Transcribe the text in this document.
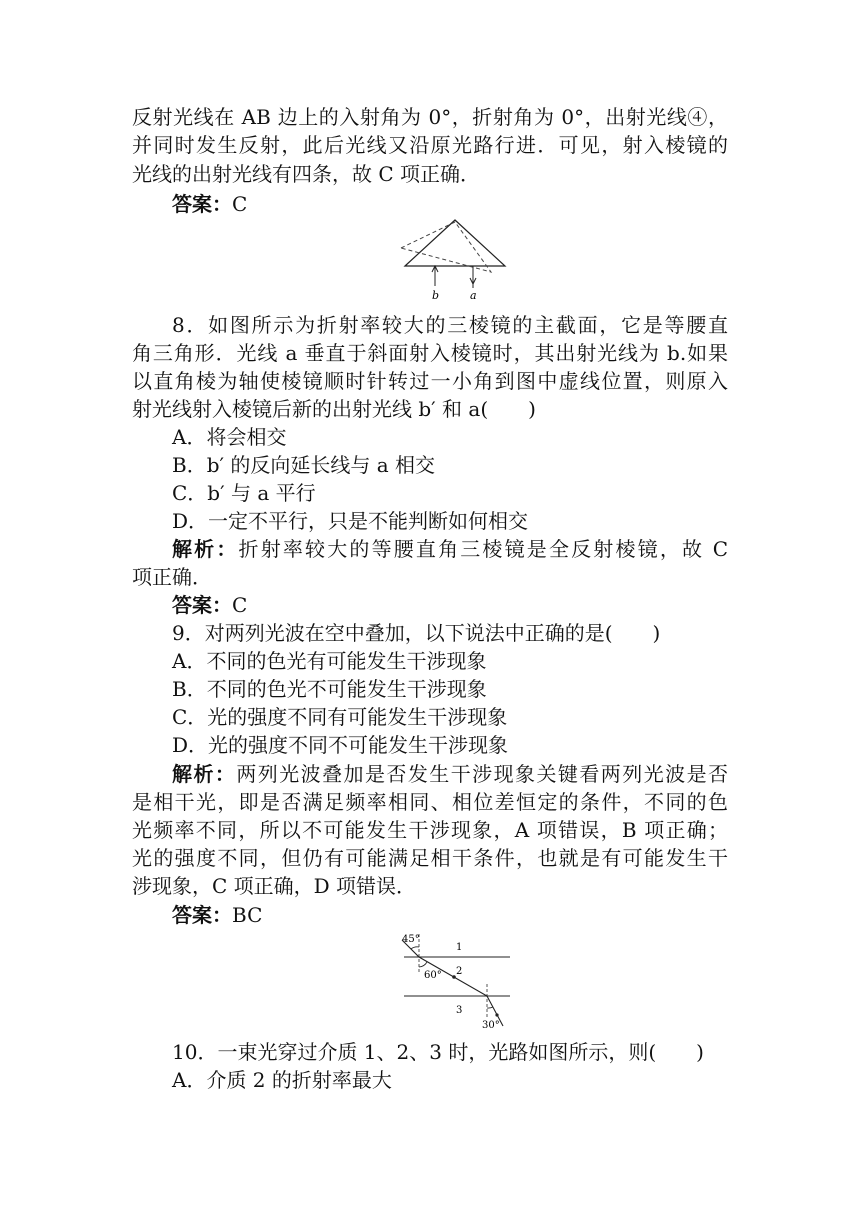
反射光线在 AB 边上的入射角为 0°，折射角为 0°，出射光线④，
并同时发生反射，此后光线又沿原光路行进．可见，射入棱镜的
光线的出射光线有四条，故 C 项正确．
答案：C
b	a
8．如图所示为折射率较大的三棱镜的主截面，它是等腰直
角三角形．光线 a 垂直于斜面射入棱镜时，其出射光线为 b.如果
以直角棱为轴使棱镜顺时针转过一小角到图中虚线位置，则原入
射光线射入棱镜后新的出射光线 b′ 和 a(　　)
A．将会相交
B．b′ 的反向延长线与 a 相交
C．b′ 与 a 平行
D．一定不平行，只是不能判断如何相交
解析：折射率较大的等腰直角三棱镜是全反射棱镜，故 C
项正确．
答案：C
9．对两列光波在空中叠加，以下说法中正确的是(　　)
A．不同的色光有可能发生干涉现象
B．不同的色光不可能发生干涉现象
C．光的强度不同有可能发生干涉现象
D．光的强度不同不可能发生干涉现象
解析：两列光波叠加是否发生干涉现象关键看两列光波是否
是相干光，即是否满足频率相同、相位差恒定的条件，不同的色
光频率不同，所以不可能发生干涉现象，A 项错误，B 项正确；
光的强度不同，但仍有可能满足相干条件，也就是有可能发生干
涉现象，C 项正确，D 项错误．
答案：BC
45°
1
60° 2
3
30°
10．一束光穿过介质 1、2、3 时，光路如图所示，则(　　)
A．介质 2 的折射率最大
